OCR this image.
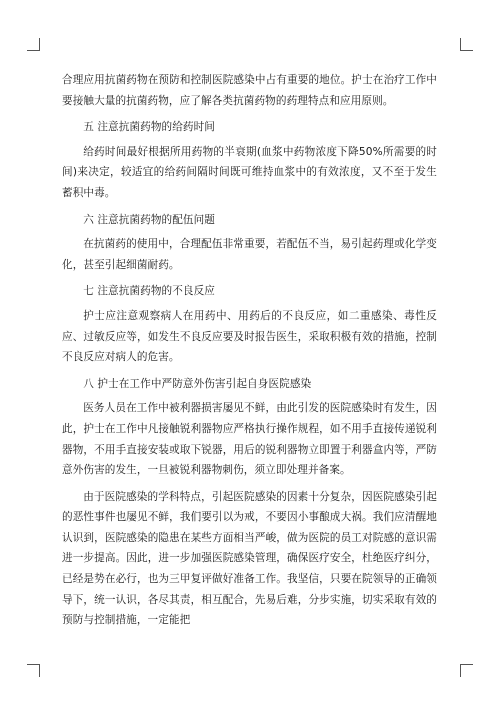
合理应用抗菌药物在预防和控制医院感染中占有重要的地位。护士在治疗工作中要接触大量的抗菌药物，应了解各类抗菌药物的药理特点和应用原则。

五 注意抗菌药物的给药时间

给药时间最好根据所用药物的半衰期(血浆中药物浓度下降50%所需要的时间)来决定，较适宜的给药间隔时间既可维持血浆中的有效浓度，又不至于发生蓄积中毒。

六 注意抗菌药物的配伍问题

在抗菌药的使用中，合理配伍非常重要，若配伍不当，易引起药理或化学变化，甚至引起细菌耐药。

七 注意抗菌药物的不良反应

护士应注意观察病人在用药中、用药后的不良反应，如二重感染、毒性反应、过敏反应等，如发生不良反应要及时报告医生，采取积极有效的措施，控制不良反应对病人的危害。

八 护士在工作中严防意外伤害引起自身医院感染

医务人员在工作中被利器损害屡见不鲜，由此引发的医院感染时有发生，因此，护士在工作中凡接触锐利器物应严格执行操作规程，如不用手直接传递锐利器物，不用手直接安装或取下锐器，用后的锐利器物立即置于利器盒内等，严防意外伤害的发生，一旦被锐利器物刺伤，须立即处理并备案。

由于医院感染的学科特点，引起医院感染的因素十分复杂，因医院感染引起的恶性事件也屡见不鲜，我们要引以为戒，不要因小事酿成大祸。我们应清醒地认识到，医院感染的隐患在某些方面相当严峻，做为医院的员工对院感的意识需进一步提高。因此，进一步加强医院感染管理，确保医疗安全，杜绝医疗纠分，已经是势在必行，也为三甲复评做好准备工作。我坚信，只要在院领导的正确领导下，统一认识，各尽其责，相互配合，先易后难，分步实施，切实采取有效的预防与控制措施，一定能把
